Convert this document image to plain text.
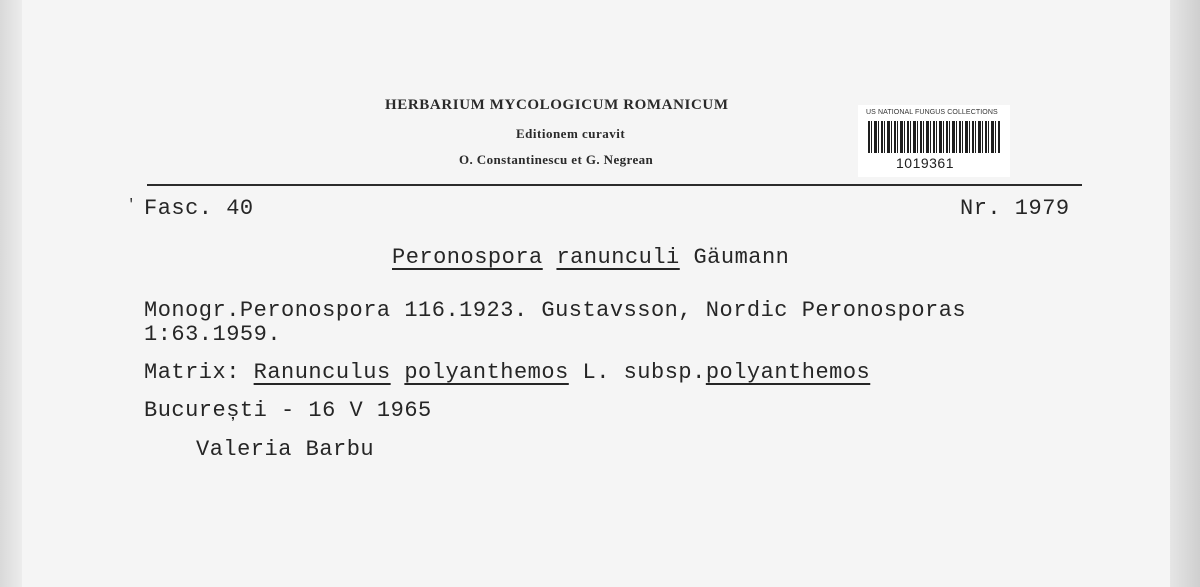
HERBARIUM MYCOLOGICUM ROMANICUM
Editionem curavit
O. Constantinescu et G. Negrean
US NATIONAL FUNGUS COLLECTIONS
1019361
' Fasc. 40	Nr. 1979
Peronospora ranunculi Gäumann
Monogr.Peronospora 116.1923. Gustavsson, Nordic Peronosporas
1:63.1959.
Matrix: Ranunculus polyanthemos L. subsp.polyanthemos
București - 16 V 1965
Valeria Barbu
